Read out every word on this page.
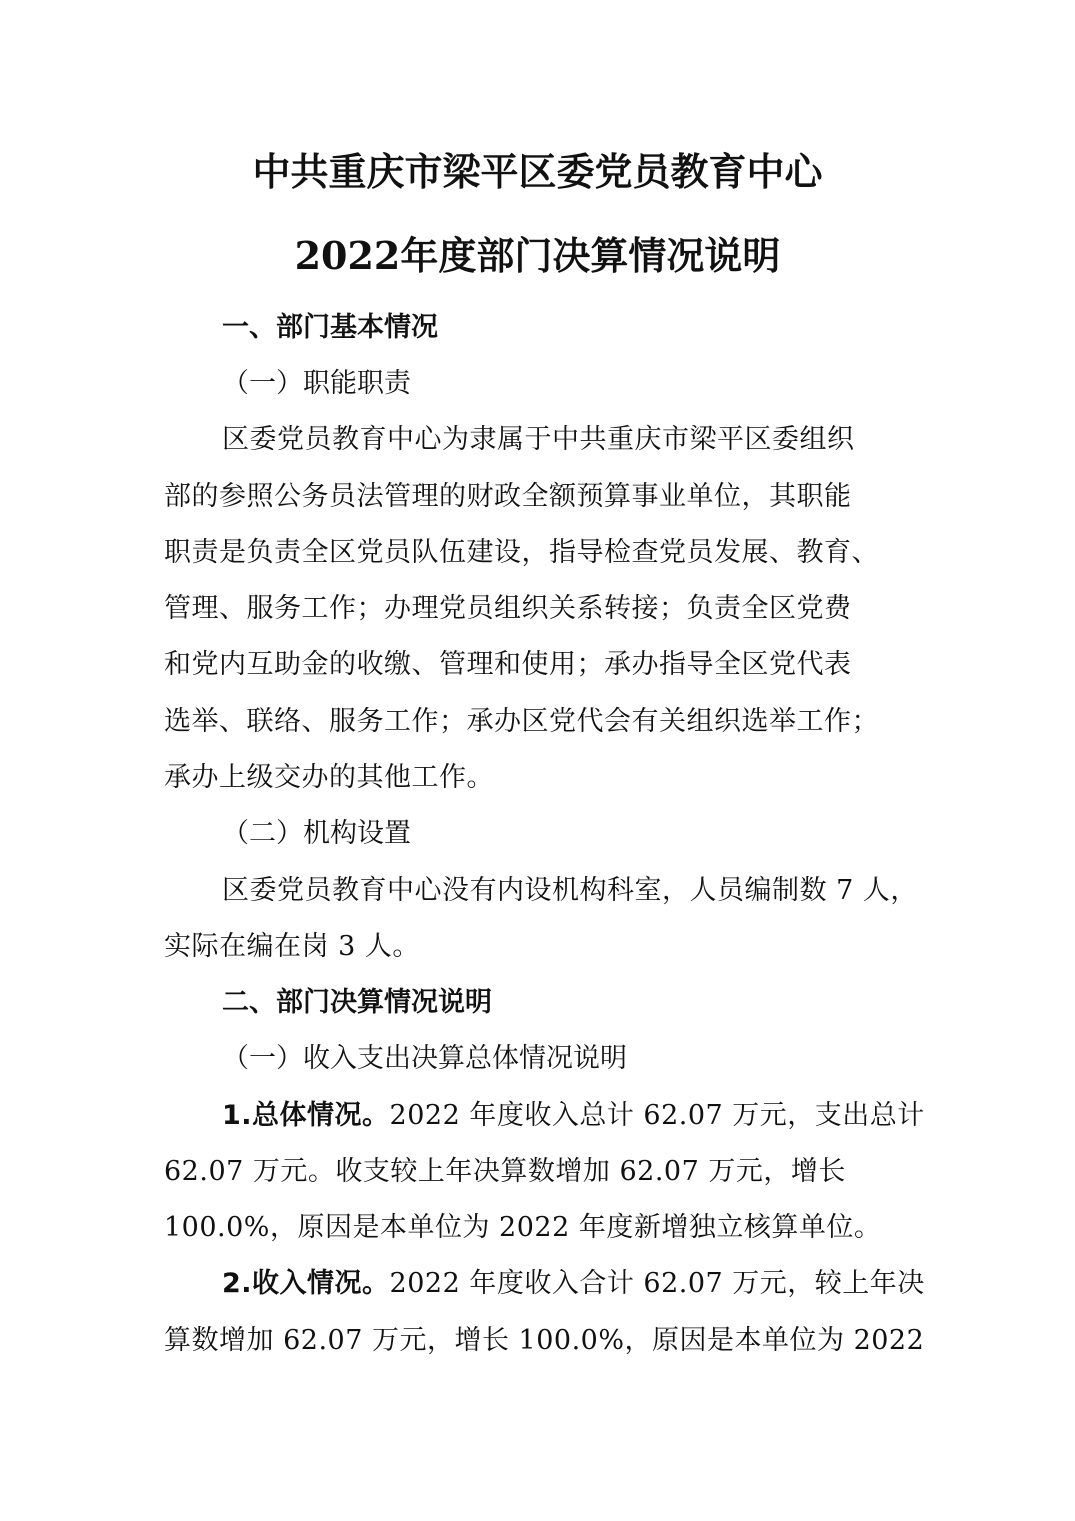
中共重庆市梁平区委党员教育中心
2022年度部门决算情况说明
一、部门基本情况
（一）职能职责
区委党员教育中心为隶属于中共重庆市梁平区委组织
部的参照公务员法管理的财政全额预算事业单位，其职能
职责是负责全区党员队伍建设，指导检查党员发展、教育、
管理、服务工作；办理党员组织关系转接；负责全区党费
和党内互助金的收缴、管理和使用；承办指导全区党代表
选举、联络、服务工作；承办区党代会有关组织选举工作；
承办上级交办的其他工作。
（二）机构设置
区委党员教育中心没有内设机构科室，人员编制数 7 人，
实际在编在岗 3 人。
二、部门决算情况说明
（一）收入支出决算总体情况说明
1.总体情况。2022 年度收入总计 62.07 万元，支出总计
62.07 万元。收支较上年决算数增加 62.07 万元，增长
100.0%，原因是本单位为 2022 年度新增独立核算单位。
2.收入情况。2022 年度收入合计 62.07 万元，较上年决
算数增加 62.07 万元，增长 100.0%，原因是本单位为 2022
